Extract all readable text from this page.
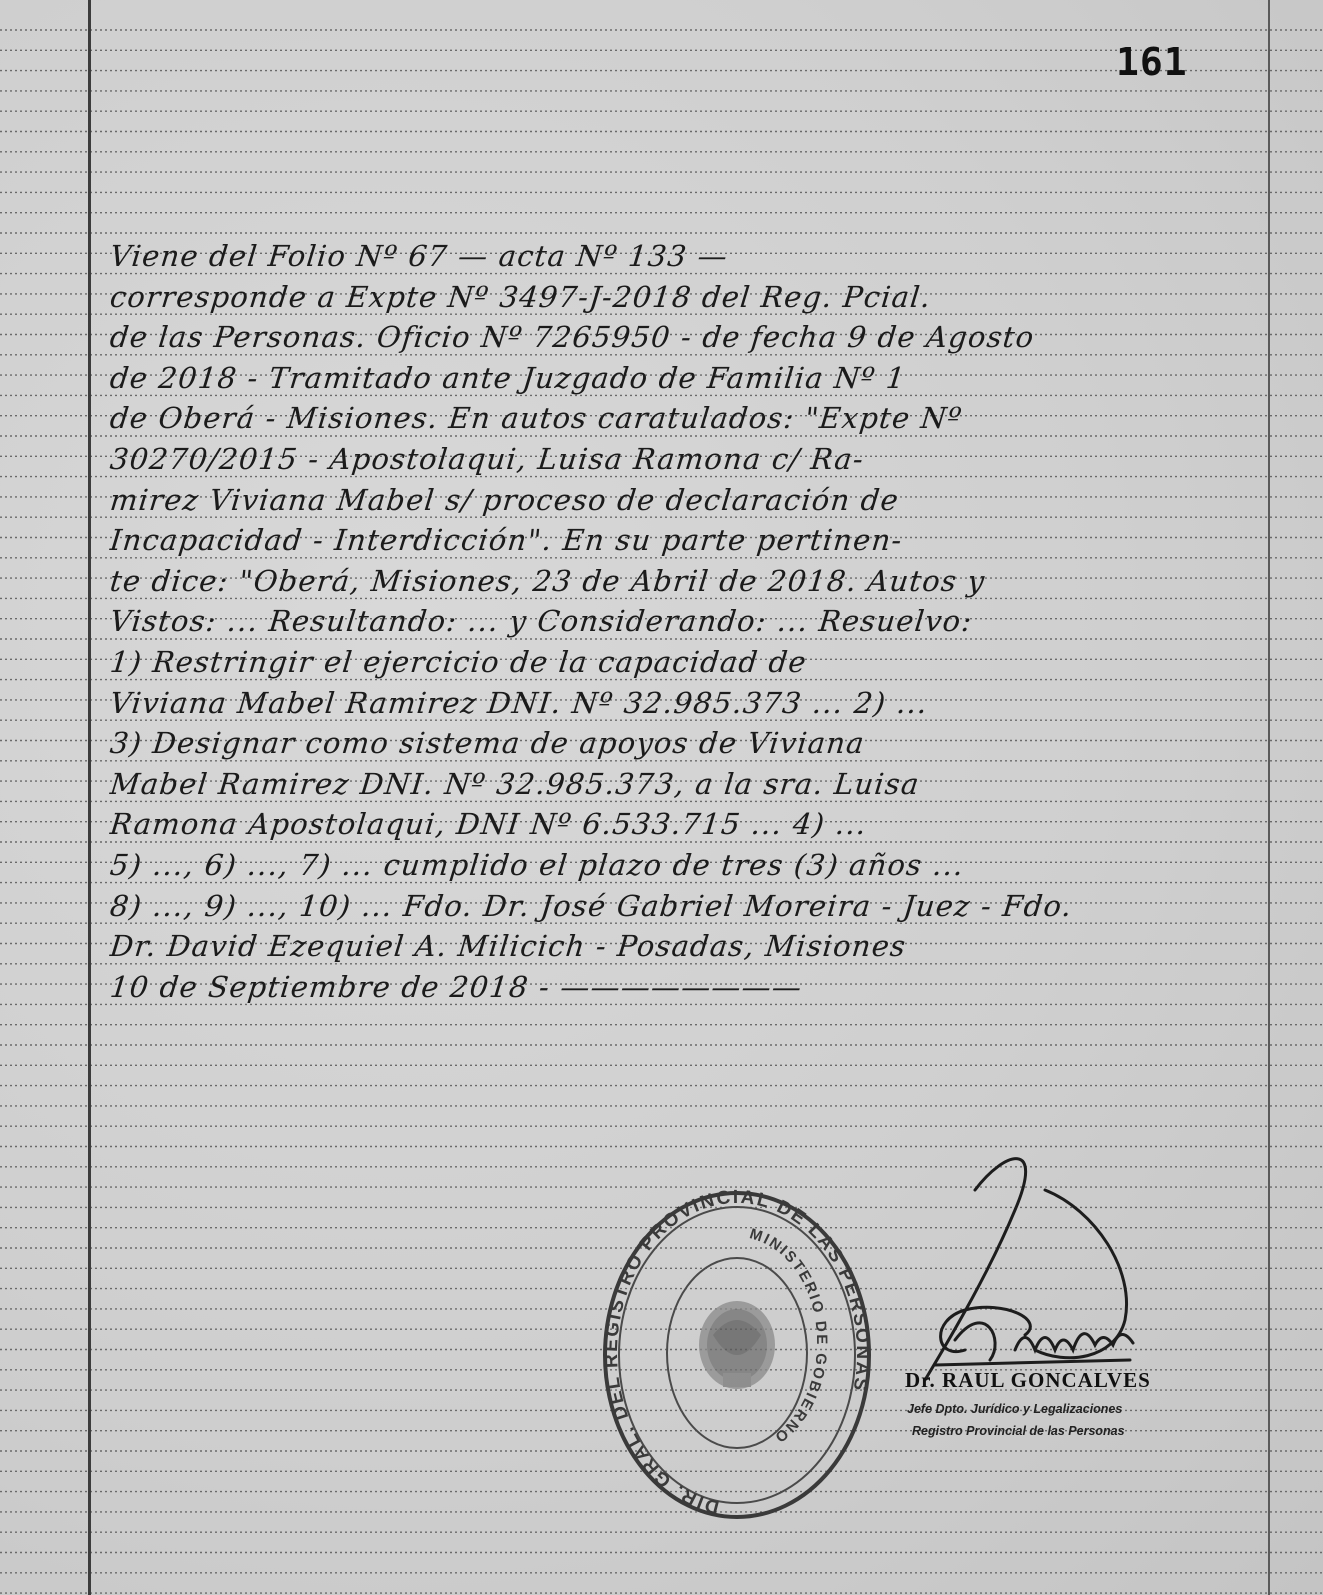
161
Viene del Folio Nº 67 — acta Nº 133 —
corresponde a Expte Nº 3497-J-2018 del Reg. Pcial.
de las Personas. Oficio Nº 7265950 - de fecha 9 de Agosto
de 2018 - Tramitado ante Juzgado de Familia Nº 1
de Oberá - Misiones. En autos caratulados: "Expte Nº
30270/2015 - Apostolaqui, Luisa Ramona c/ Ra-
mirez Viviana Mabel s/ proceso de declaración de
Incapacidad - Interdicción". En su parte pertinen-
te dice: "Oberá, Misiones, 23 de Abril de 2018. Autos y
Vistos: ... Resultando: ... y Considerando: ... Resuelvo:
1) Restringir el ejercicio de la capacidad de
Viviana Mabel Ramirez DNI. Nº 32.985.373 ... 2) ...
3) Designar como sistema de apoyos de Viviana
Mabel Ramirez DNI. Nº 32.985.373, a la sra. Luisa
Ramona Apostolaqui, DNI Nº 6.533.715 ... 4) ...
5) ..., 6) ..., 7) ... cumplido el plazo de tres (3) años ...
8) ..., 9) ..., 10) ... Fdo. Dr. José Gabriel Moreira - Juez - Fdo.
Dr. David Ezequiel A. Milicich - Posadas, Misiones
10 de Septiembre de 2018 - ————————
DIR. GRAL. DEL REGISTRO PROVINCIAL DE LAS PERSONAS
MINISTERIO DE GOBIERNO
Dr. RAUL GONCALVES
Jefe Dpto. Jurídico y Legalizaciones
Registro Provincial de las Personas
